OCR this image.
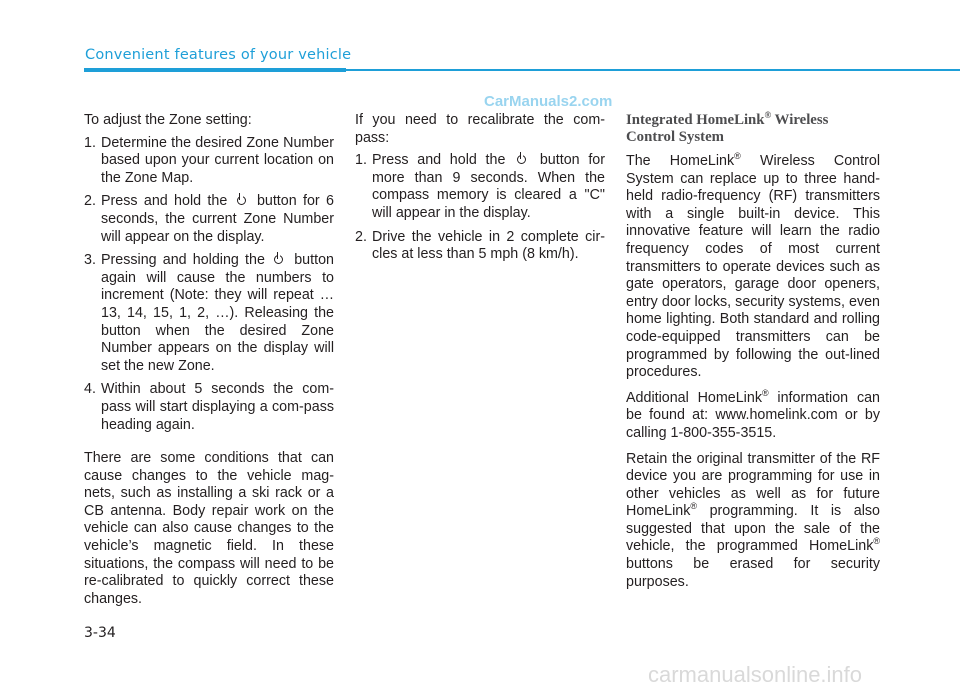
Convenient features of your vehicle
CarManuals2.com

To adjust the Zone setting:

1. Determine the desired Zone Number based upon your current location on the Zone Map.
2. Press and hold the button for 6 seconds, the current Zone Number will appear on the display.
3. Pressing and holding the button again will cause the numbers to increment (Note: they will repeat …13, 14, 15, 1, 2, …). Releasing the button when the desired Zone Number appears on the display will set the new Zone.
4. Within about 5 seconds the com-pass will start displaying a com-pass heading again.

There are some conditions that can cause changes to the vehicle mag-nets, such as installing a ski rack or a CB antenna. Body repair work on the vehicle can also cause changes to the vehicle’s magnetic field. In these situations, the compass will need to be re-calibrated to quickly correct these changes.

If you need to recalibrate the com-pass:

1. Press and hold the button for more than 9 seconds. When the compass memory is cleared a "C" will appear in the display.
2. Drive the vehicle in 2 complete cir-cles at less than 5 mph (8 km/h).
Integrated HomeLink® Wireless Control System

The HomeLink® Wireless Control System can replace up to three hand-held radio-frequency (RF) transmitters with a single built-in device. This innovative feature will learn the radio frequency codes of most current transmitters to operate devices such as gate operators, garage door openers, entry door locks, security systems, even home lighting. Both standard and rolling code-equipped transmitters can be programmed by following the out-lined procedures.

Additional HomeLink® information can be found at: www.homelink.com or by calling 1-800-355-3515.

Retain the original transmitter of the RF device you are programming for use in other vehicles as well as for future HomeLink® programming. It is also suggested that upon the sale of the vehicle, the programmed HomeLink® buttons be erased for security purposes.

3-34
carmanualsonline.info
